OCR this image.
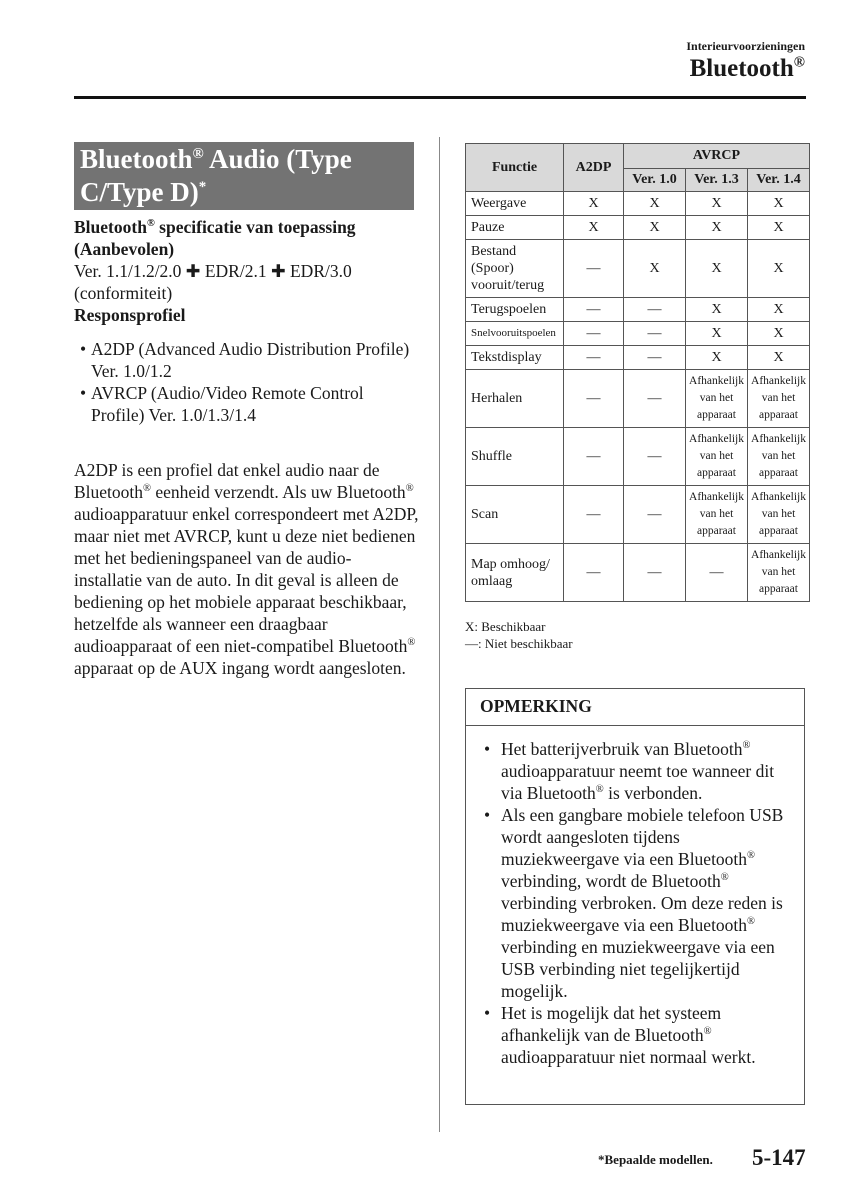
Interieurvoorzieningen
Bluetooth®
Bluetooth® Audio (Type C/Type D)*
Bluetooth® specificatie van toepassing (Aanbevolen)
Ver. 1.1/1.2/2.0 ✚ EDR/2.1 ✚ EDR/3.0 (conformiteit)
Responsprofiel
• A2DP (Advanced Audio Distribution Profile) Ver. 1.0/1.2
• AVRCP (Audio/Video Remote Control Profile) Ver. 1.0/1.3/1.4
A2DP is een profiel dat enkel audio naar de Bluetooth® eenheid verzendt. Als uw Bluetooth® audioapparatuur enkel correspondeert met A2DP, maar niet met AVRCP, kunt u deze niet bedienen met het bedieningspaneel van de audio-installatie van de auto. In dit geval is alleen de bediening op het mobiele apparaat beschikbaar, hetzelfde als wanneer een draagbaar audioapparaat of een niet-compatibel Bluetooth® apparaat op de AUX ingang wordt aangesloten.
Functie	A2DP	AVRCP		
		Ver. 1.0	Ver. 1.3	Ver. 1.4
Weergave	X	X	X	X
Pauze	X	X	X	X
Bestand (Spoor) vooruit/terug	—	X	X	X
Terugspoelen	—	—	X	X
Snelvooruitspoelen	—	—	X	X
Tekstdisplay	—	—	X	X
Herhalen	—	—	Afhankelijk van het apparaat	Afhankelijk van het apparaat
Shuffle	—	—	Afhankelijk van het apparaat	Afhankelijk van het apparaat
Scan	—	—	Afhankelijk van het apparaat	Afhankelijk van het apparaat
Map omhoog/ omlaag	—	—	—	Afhankelijk van het apparaat
X: Beschikbaar
—: Niet beschikbaar
OPMERKING
• Het batterijverbruik van Bluetooth® audioapparatuur neemt toe wanneer dit via Bluetooth® is verbonden.
• Als een gangbare mobiele telefoon USB wordt aangesloten tijdens muziekweergave via een Bluetooth® verbinding, wordt de Bluetooth® verbinding verbroken. Om deze reden is muziekweergave via een Bluetooth® verbinding en muziekweergave via een USB verbinding niet tegelijkertijd mogelijk.
• Het is mogelijk dat het systeem afhankelijk van de Bluetooth® audioapparatuur niet normaal werkt.
*Bepaalde modellen. 5-147
